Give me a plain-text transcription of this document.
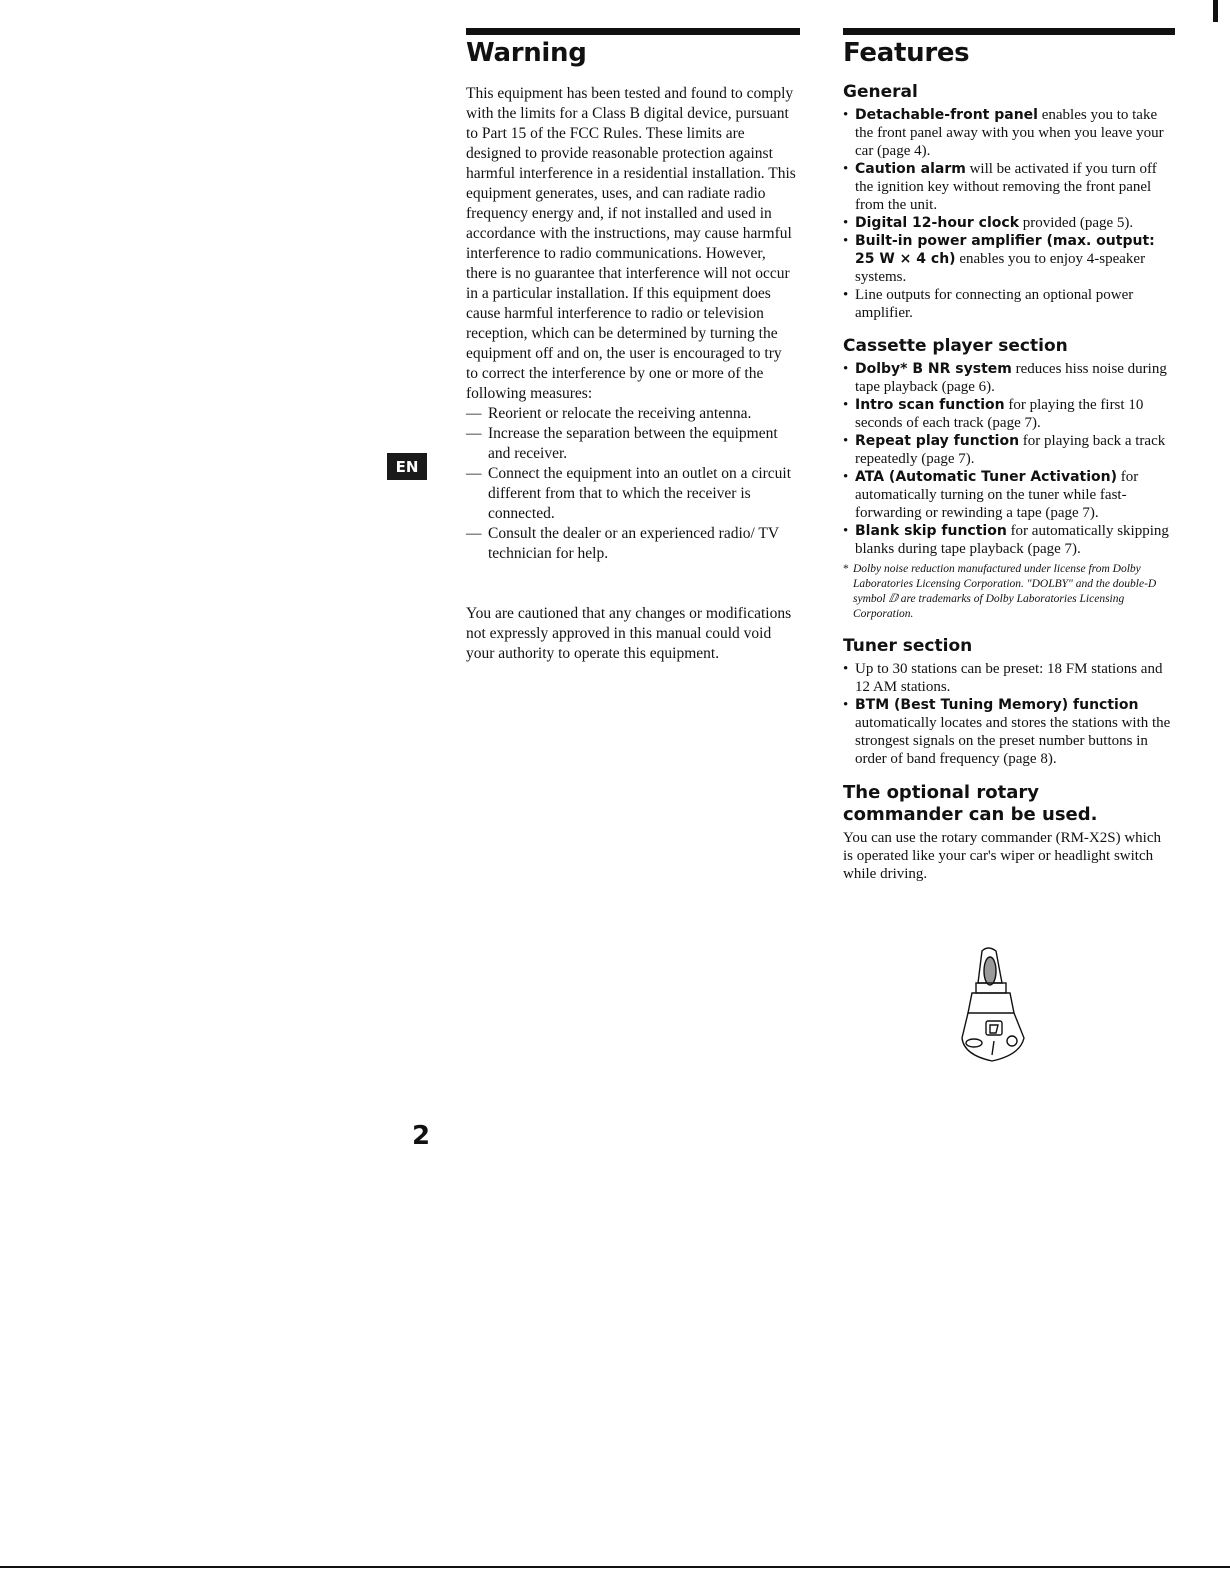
EN
Warning

This equipment has been tested and found to comply with the limits for a Class B digital device, pursuant to Part 15 of the FCC Rules. These limits are designed to provide reasonable protection against harmful interference in a residential installation. This equipment generates, uses, and can radiate radio frequency energy and, if not installed and used in accordance with the instructions, may cause harmful interference to radio communications. However, there is no guarantee that interference will not occur in a particular installation. If this equipment does cause harmful interference to radio or television reception, which can be determined by turning the equipment off and on, the user is encouraged to try to correct the interference by one or more of the following measures:

— Reorient or relocate the receiving antenna.
— Increase the separation between the equipment and receiver.
— Connect the equipment into an outlet on a circuit different from that to which the receiver is connected.
— Consult the dealer or an experienced radio/ TV technician for help.

You are cautioned that any changes or modifications not expressly approved in this manual could void your authority to operate this equipment.

Features
General
• Detachable-front panel enables you to take the front panel away with you when you leave your car (page 4).
• Caution alarm will be activated if you turn off the ignition key without removing the front panel from the unit.
• Digital 12-hour clock provided (page 5).
• Built-in power amplifier (max. output: 25 W × 4 ch) enables you to enjoy 4-speaker systems.
• Line outputs for connecting an optional power amplifier.
Cassette player section
• Dolby* B NR system reduces hiss noise during tape playback (page 6).
• Intro scan function for playing the first 10 seconds of each track (page 7).
• Repeat play function for playing back a track repeatedly (page 7).
• ATA (Automatic Tuner Activation) for automatically turning on the tuner while fast-forwarding or rewinding a tape (page 7).
• Blank skip function for automatically skipping blanks during tape playback (page 7).

* Dolby noise reduction manufactured under license from Dolby Laboratories Licensing Corporation. "DOLBY" and the double-D symbol ⅅ are trademarks of Dolby Laboratories Licensing Corporation.

Tuner section
• Up to 30 stations can be preset: 18 FM stations and 12 AM stations.
• BTM (Best Tuning Memory) function automatically locates and stores the stations with the strongest signals on the preset number buttons in order of band frequency (page 8).
The optional rotary commander can be used.

You can use the rotary commander (RM-X2S) which is operated like your car's wiper or headlight switch while driving.

2
